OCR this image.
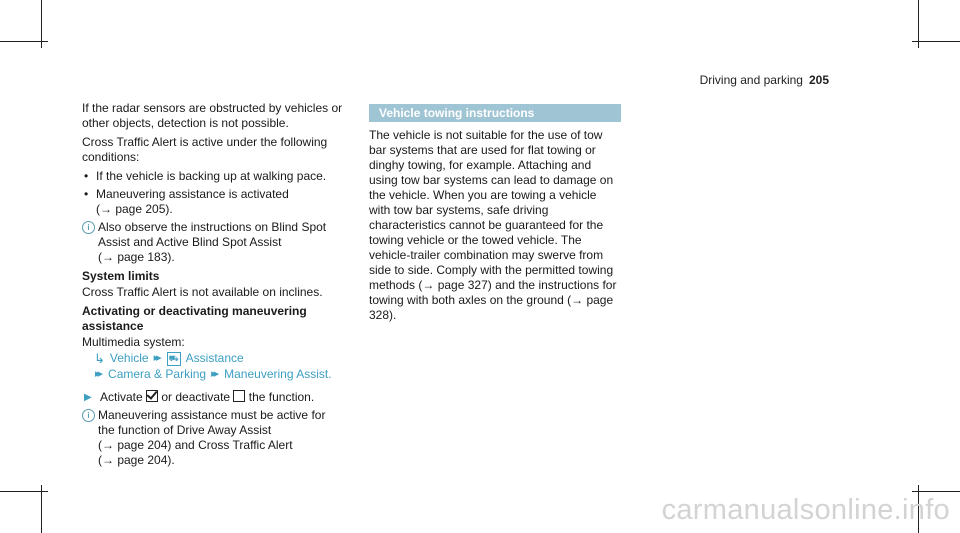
Driving and parking 205

If the radar sensors are obstructed by vehicles or other objects, detection is not possible.

Cross Traffic Alert is active under the following conditions:

• If the vehicle is backing up at walking pace.
• Maneuvering assistance is activated
(→ page 205).
i Also observe the instructions on Blind Spot
Assist and Active Blind Spot Assist
(→ page 183).
System limits

Cross Traffic Alert is not available on inclines.

Activating or deactivating maneuvering assistance
Multimedia system:
↳ Vehicle ▸▸ ⛟ Assistance
▸▸ Camera & Parking ▸▸ Maneuvering Assist.
▶ Activate or deactivate the function.
i Maneuvering assistance must be active for
the function of Drive Away Assist
(→ page 204) and Cross Traffic Alert
(→ page 204).
Vehicle towing instructions

The vehicle is not suitable for the use of tow bar systems that are used for flat towing or dinghy towing, for example. Attaching and using tow bar systems can lead to damage on the vehicle. When you are towing a vehicle with tow bar systems, safe driving characteristics cannot be guaranteed for the towing vehicle or the towed vehicle. The vehicle-trailer combination may swerve from side to side. Comply with the permitted towing methods (→ page 327) and the instructions for towing with both axles on the ground (→ page 328).

carmanualsonline.info
